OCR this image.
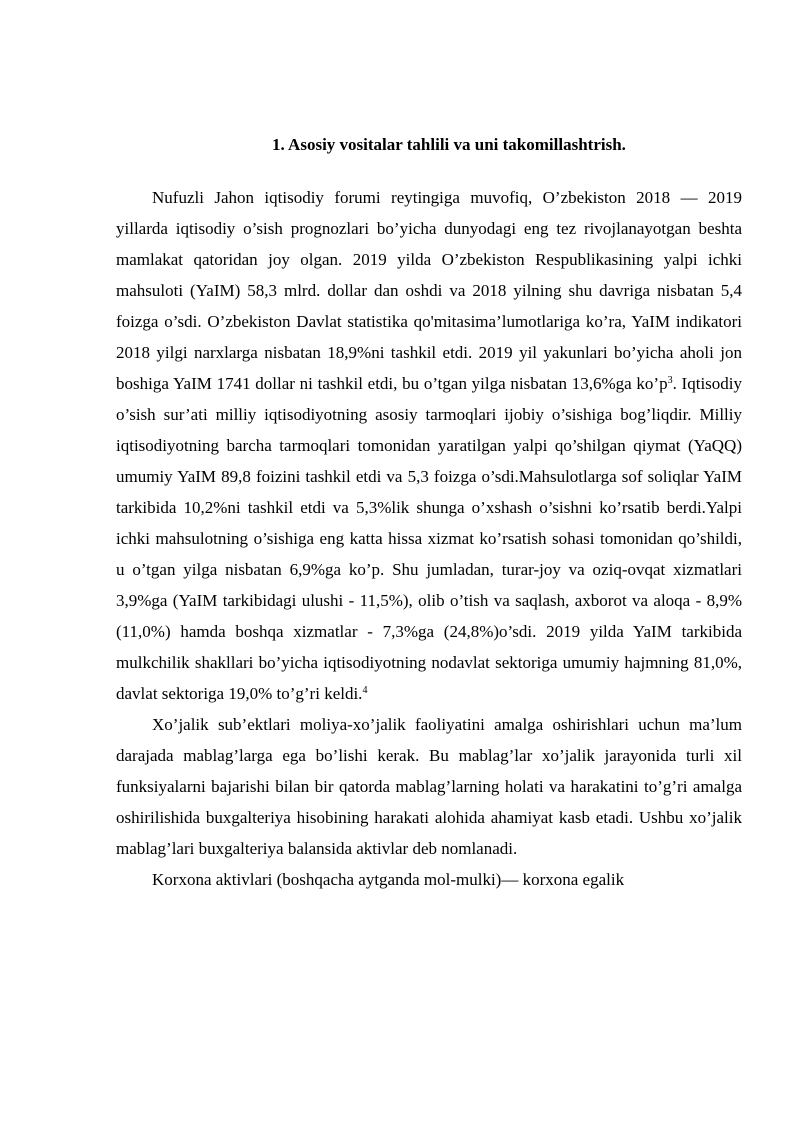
1. Asosiy vositalar tahlili va uni takomillashtrish.

Nufuzli Jahon iqtisodiy forumi reytingiga muvofiq, O’zbekiston 2018 — 2019 yillarda iqtisodiy o’sish prognozlari bo’yicha dunyodagi eng tez rivojlanayotgan beshta mamlakat qatoridan joy olgan. 2019 yilda O’zbekiston Respublikasining yalpi ichki mahsuloti (YaIM) 58,3 mlrd. dollar dan oshdi va 2018 yilning shu davriga nisbatan 5,4 foizga o’sdi. O’zbekiston Davlat statistika qo'mitasima’lumotlariga ko’ra, YaIM indikatori 2018 yilgi narxlarga nisbatan 18,9%ni tashkil etdi. 2019 yil yakunlari bo’yicha aholi jon boshiga YaIM 1741 dollar ni tashkil etdi, bu o’tgan yilga nisbatan 13,6%ga $ko’p^3$. Iqtisodiy o’sish sur’ati milliy iqtisodiyotning asosiy tarmoqlari ijobiy o’sishiga bog’liqdir. Milliy iqtisodiyotning barcha tarmoqlari tomonidan yaratilgan yalpi qo’shilgan qiymat (YaQQ) umumiy YaIM 89,8 foizini tashkil etdi va 5,3 foizga o’sdi.Mahsulotlarga sof soliqlar YaIM tarkibida 10,2%ni tashkil etdi va 5,3%lik shunga o’xshash o’sishni ko’rsatib berdi.Yalpi ichki mahsulotning o’sishiga eng katta hissa xizmat ko’rsatish sohasi tomonidan qo’shildi, u o’tgan yilga nisbatan 6,9%ga ko’p. Shu jumladan, turar-joy va oziq-ovqat xizmatlari 3,9%ga (YaIM tarkibidagi ulushi - 11,5%), olib o’tish va saqlash, axborot va aloqa - 8,9% (11,0%) hamda boshqa xizmatlar - 7,3%ga (24,8%)o’sdi. 2019 yilda YaIM tarkibida mulkchilik shakllari bo’yicha iqtisodiyotning nodavlat sektoriga umumiy hajmning 81,0%, davlat sektoriga 19,0% to’g’ri keldi.$^4$

Xo’jalik sub’ektlari moliya-xo’jalik faoliyatini amalga oshirishlari uchun ma’lum darajada mablag’larga ega bo’lishi kerak. Bu mablag’lar xo’jalik jarayonida turli xil funksiyalarni bajarishi bilan bir qatorda mablag’larning holati va harakatini to’g’ri amalga oshirilishida buxgalteriya hisobining harakati alohida ahamiyat kasb etadi. Ushbu xo’jalik mablag’lari buxgalteriya balansida aktivlar deb nomlanadi.

Korxona aktivlari (boshqacha aytganda mol-mulki)— korxona egalik
